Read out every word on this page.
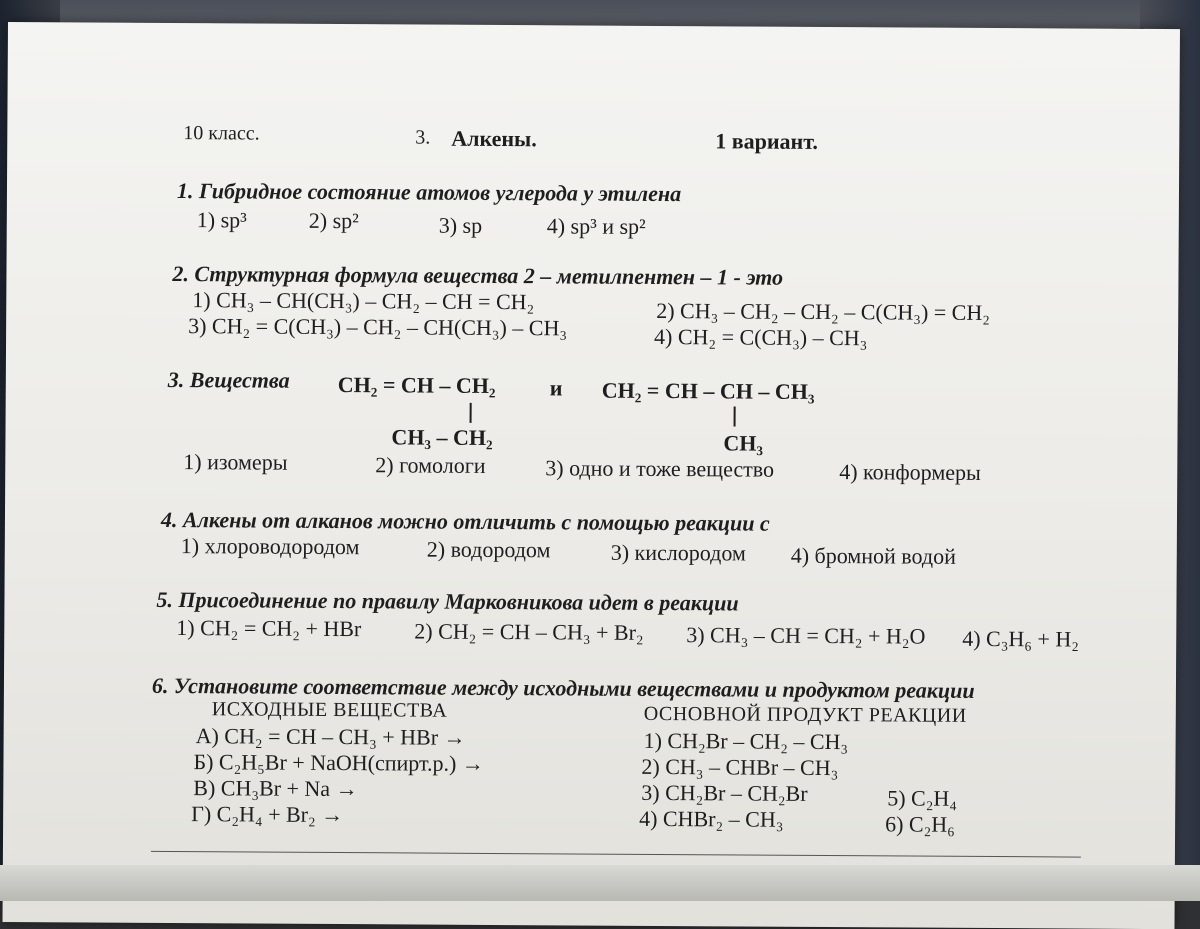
10 класс.	3. Алкены.	1 вариант.
1. Гибридное состояние атомов углерода у этилена
1) sp³	2) sp²	3) sp	4) sp³ и sp²
2. Структурная формула вещества 2 – метилпентен – 1 - это
1) CH₃ – CH(CH₃) – CH₂ – CH = CH₂	2) CH₃ – CH₂ – CH₂ – C(CH₃) = CH₂
3) CH₂ = C(CH₃) – CH₂ – CH(CH₃) – CH₃	4) CH₂ = C(CH₃) – CH₃
3. Вещества CH₂ = CH – CH₂ и CH₂ = CH – CH – CH₃
CH₃ – CH₂	CH₃
1) изомеры	2) гомологи	3) одно и тоже вещество	4) конформеры
4. Алкены от алканов можно отличить с помощью реакции с
1) хлороводородом	2) водородом	3) кислородом 4) бромной водой
5. Присоединение по правилу Марковникова идет в реакции
1) CH₂ = CH₂ + HBr 2) CH₂ = CH – CH₃ + Br₂ 3) CH₃ – CH = CH₂ + H₂O 4) C₃H₆ + H₂
6. Установите соответствие между исходными веществами и продуктом реакции
ИСХОДНЫЕ ВЕЩЕСТВА	ОСНОВНОЙ ПРОДУКТ РЕАКЦИИ
А) CH₂ = CH – CH₃ + HBr →
Б) C₂H₅Br + NaOH(спирт.р.) →
В) CH₃Br + Na →
Г) C₂H₄ + Br₂ →
1) CH₂Br – CH₂ – CH₃
2) CH₃ – CHBr – CH₃
3) CH₂Br – CH₂Br
4) CHBr₂ – CH₃
5) C₂H₄
6) C₂H₆
